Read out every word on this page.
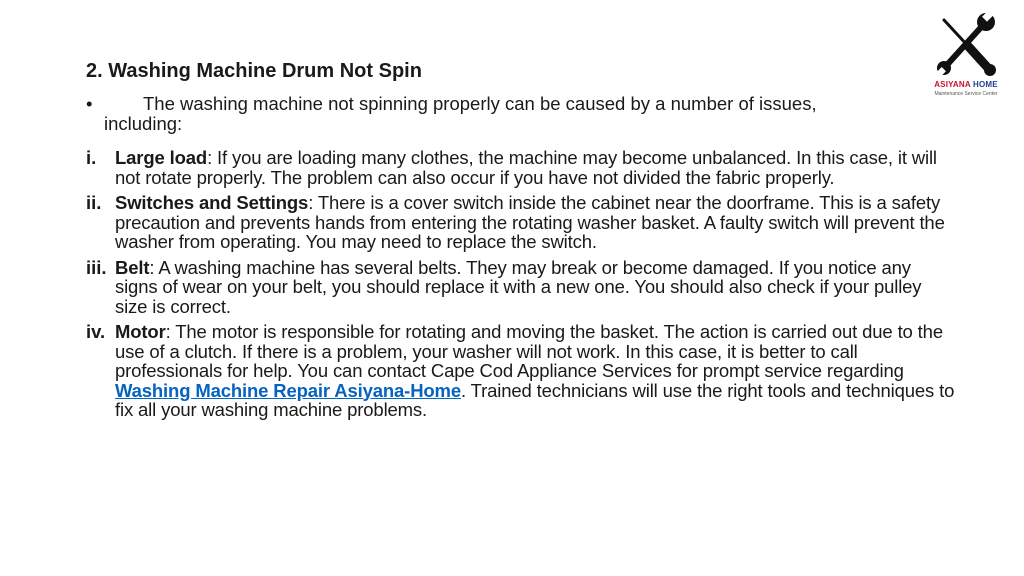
ASIYANA HOME
Maintenance Service Center
2. Washing Machine Drum Not Spin
•	The washing machine not spinning properly can be caused by a number of issues,
including:
i. Large load: If you are loading many clothes, the machine may become unbalanced. In this case, it will not rotate properly. The problem can also occur if you have not divided the fabric properly.
ii. Switches and Settings: There is a cover switch inside the cabinet near the doorframe. This is a safety precaution and prevents hands from entering the rotating washer basket. A faulty switch will prevent the washer from operating. You may need to replace the switch.
iii. Belt: A washing machine has several belts. They may break or become damaged. If you notice any signs of wear on your belt, you should replace it with a new one. You should also check if your pulley size is correct.
iv. Motor: The motor is responsible for rotating and moving the basket. The action is carried out due to the use of a clutch. If there is a problem, your washer will not work. In this case, it is better to call professionals for help. You can contact Cape Cod Appliance Services for prompt service regarding Washing Machine Repair Asiyana-Home. Trained technicians will use the right tools and techniques to fix all your washing machine problems.
